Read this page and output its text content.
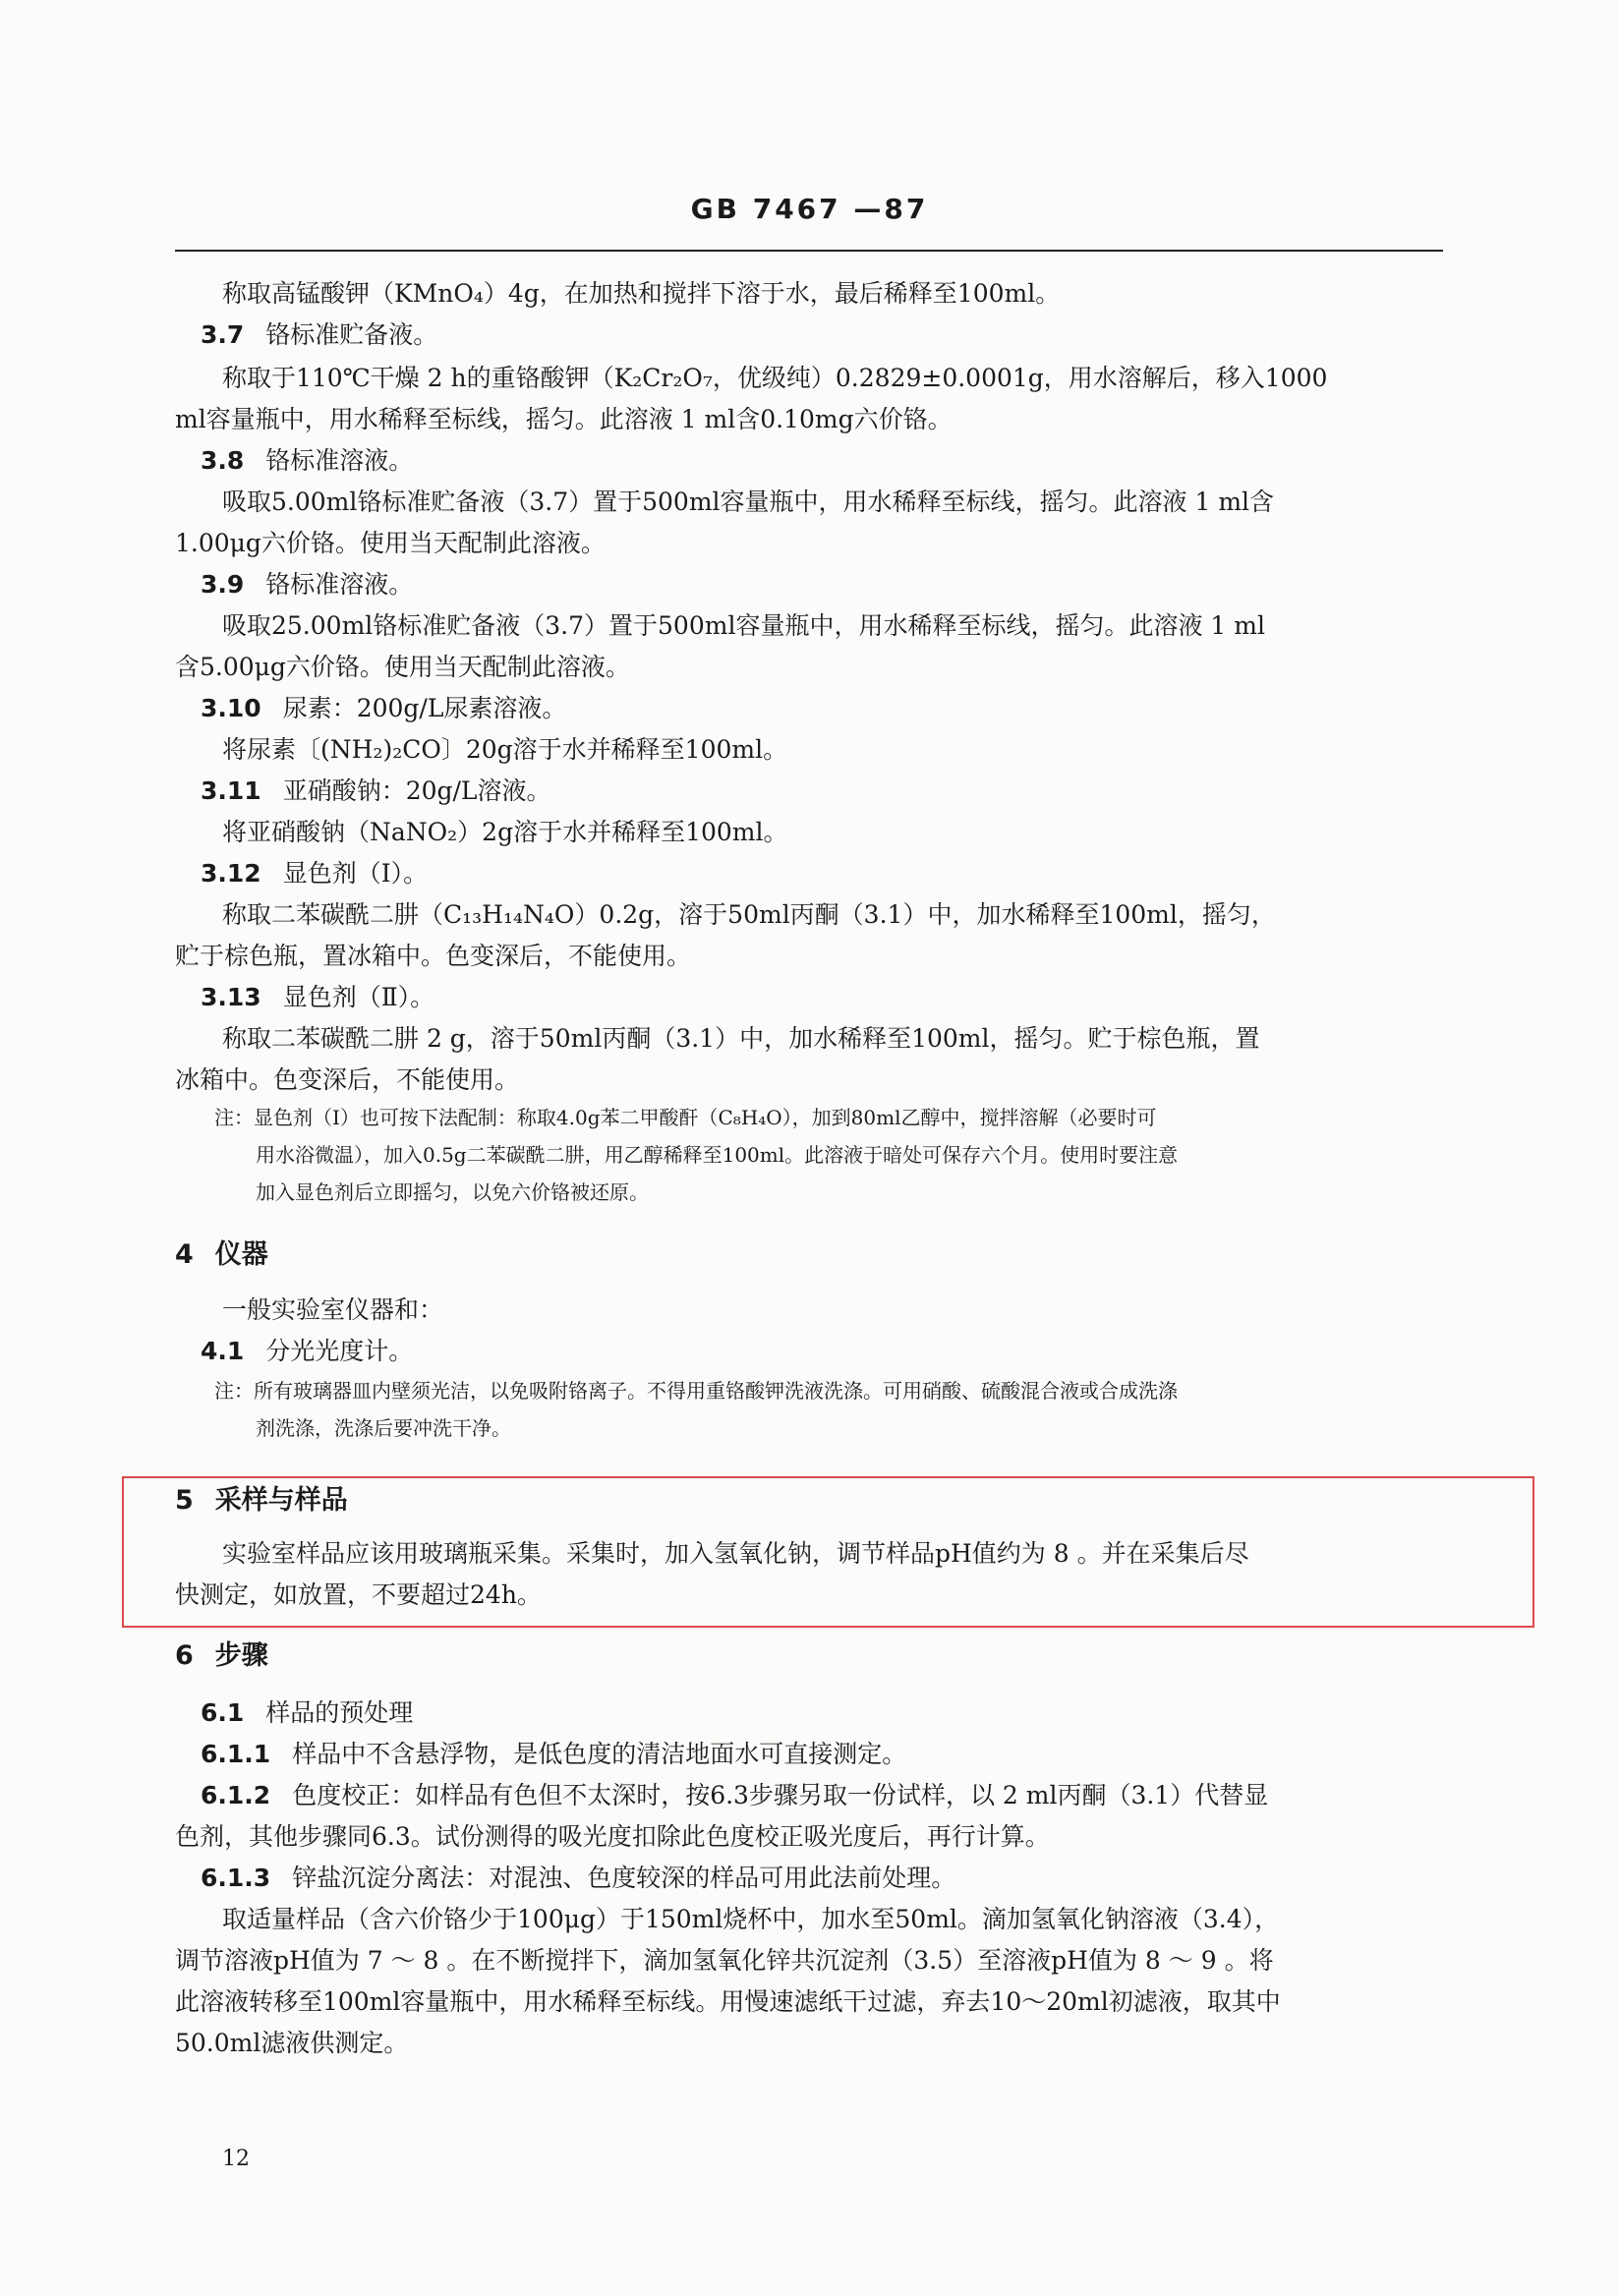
GB 7467 —87
称取高锰酸钾（KMnO₄）4g，在加热和搅拌下溶于水，最后稀释至100ml。
3.7 铬标准贮备液。
称取于110℃干燥 2 h的重铬酸钾（K₂Cr₂O₇，优级纯）0.2829±0.0001g，用水溶解后，移入1000
ml容量瓶中，用水稀释至标线，摇匀。此溶液 1 ml含0.10mg六价铬。
3.8 铬标准溶液。
吸取5.00ml铬标准贮备液（3.7）置于500ml容量瓶中，用水稀释至标线，摇匀。此溶液 1 ml含
1.00μg六价铬。使用当天配制此溶液。
3.9 铬标准溶液。
吸取25.00ml铬标准贮备液（3.7）置于500ml容量瓶中，用水稀释至标线，摇匀。此溶液 1 ml
含5.00μg六价铬。使用当天配制此溶液。
3.10 尿素：200g/L尿素溶液。
将尿素〔(NH₂)₂CO〕20g溶于水并稀释至100ml。
3.11 亚硝酸钠：20g/L溶液。
将亚硝酸钠（NaNO₂）2g溶于水并稀释至100ml。
3.12 显色剂（Ⅰ）。
称取二苯碳酰二肼（C₁₃H₁₄N₄O）0.2g，溶于50ml丙酮（3.1）中，加水稀释至100ml，摇匀，
贮于棕色瓶，置冰箱中。色变深后，不能使用。
3.13 显色剂（Ⅱ）。
称取二苯碳酰二肼 2 g，溶于50ml丙酮（3.1）中，加水稀释至100ml，摇匀。贮于棕色瓶，置
冰箱中。色变深后，不能使用。
注：显色剂（Ⅰ）也可按下法配制：称取4.0g苯二甲酸酐（C₈H₄O），加到80ml乙醇中，搅拌溶解（必要时可
用水浴微温），加入0.5g二苯碳酰二肼，用乙醇稀释至100ml。此溶液于暗处可保存六个月。使用时要注意
加入显色剂后立即摇匀，以免六价铬被还原。
4 仪器
一般实验室仪器和：
4.1 分光光度计。
注：所有玻璃器皿内壁须光洁，以免吸附铬离子。不得用重铬酸钾洗液洗涤。可用硝酸、硫酸混合液或合成洗涤
剂洗涤，洗涤后要冲洗干净。
5 采样与样品
实验室样品应该用玻璃瓶采集。采集时，加入氢氧化钠，调节样品pH值约为 8 。并在采集后尽
快测定，如放置，不要超过24h。
6 步骤
6.1 样品的预处理
6.1.1 样品中不含悬浮物，是低色度的清洁地面水可直接测定。
6.1.2 色度校正：如样品有色但不太深时，按6.3步骤另取一份试样，以 2 ml丙酮（3.1）代替显
色剂，其他步骤同6.3。试份测得的吸光度扣除此色度校正吸光度后，再行计算。
6.1.3 锌盐沉淀分离法：对混浊、色度较深的样品可用此法前处理。
取适量样品（含六价铬少于100μg）于150ml烧杯中，加水至50ml。滴加氢氧化钠溶液（3.4），
调节溶液pH值为 7 ～ 8 。在不断搅拌下，滴加氢氧化锌共沉淀剂（3.5）至溶液pH值为 8 ～ 9 。将
此溶液转移至100ml容量瓶中，用水稀释至标线。用慢速滤纸干过滤，弃去10～20ml初滤液，取其中
50.0ml滤液供测定。
12
